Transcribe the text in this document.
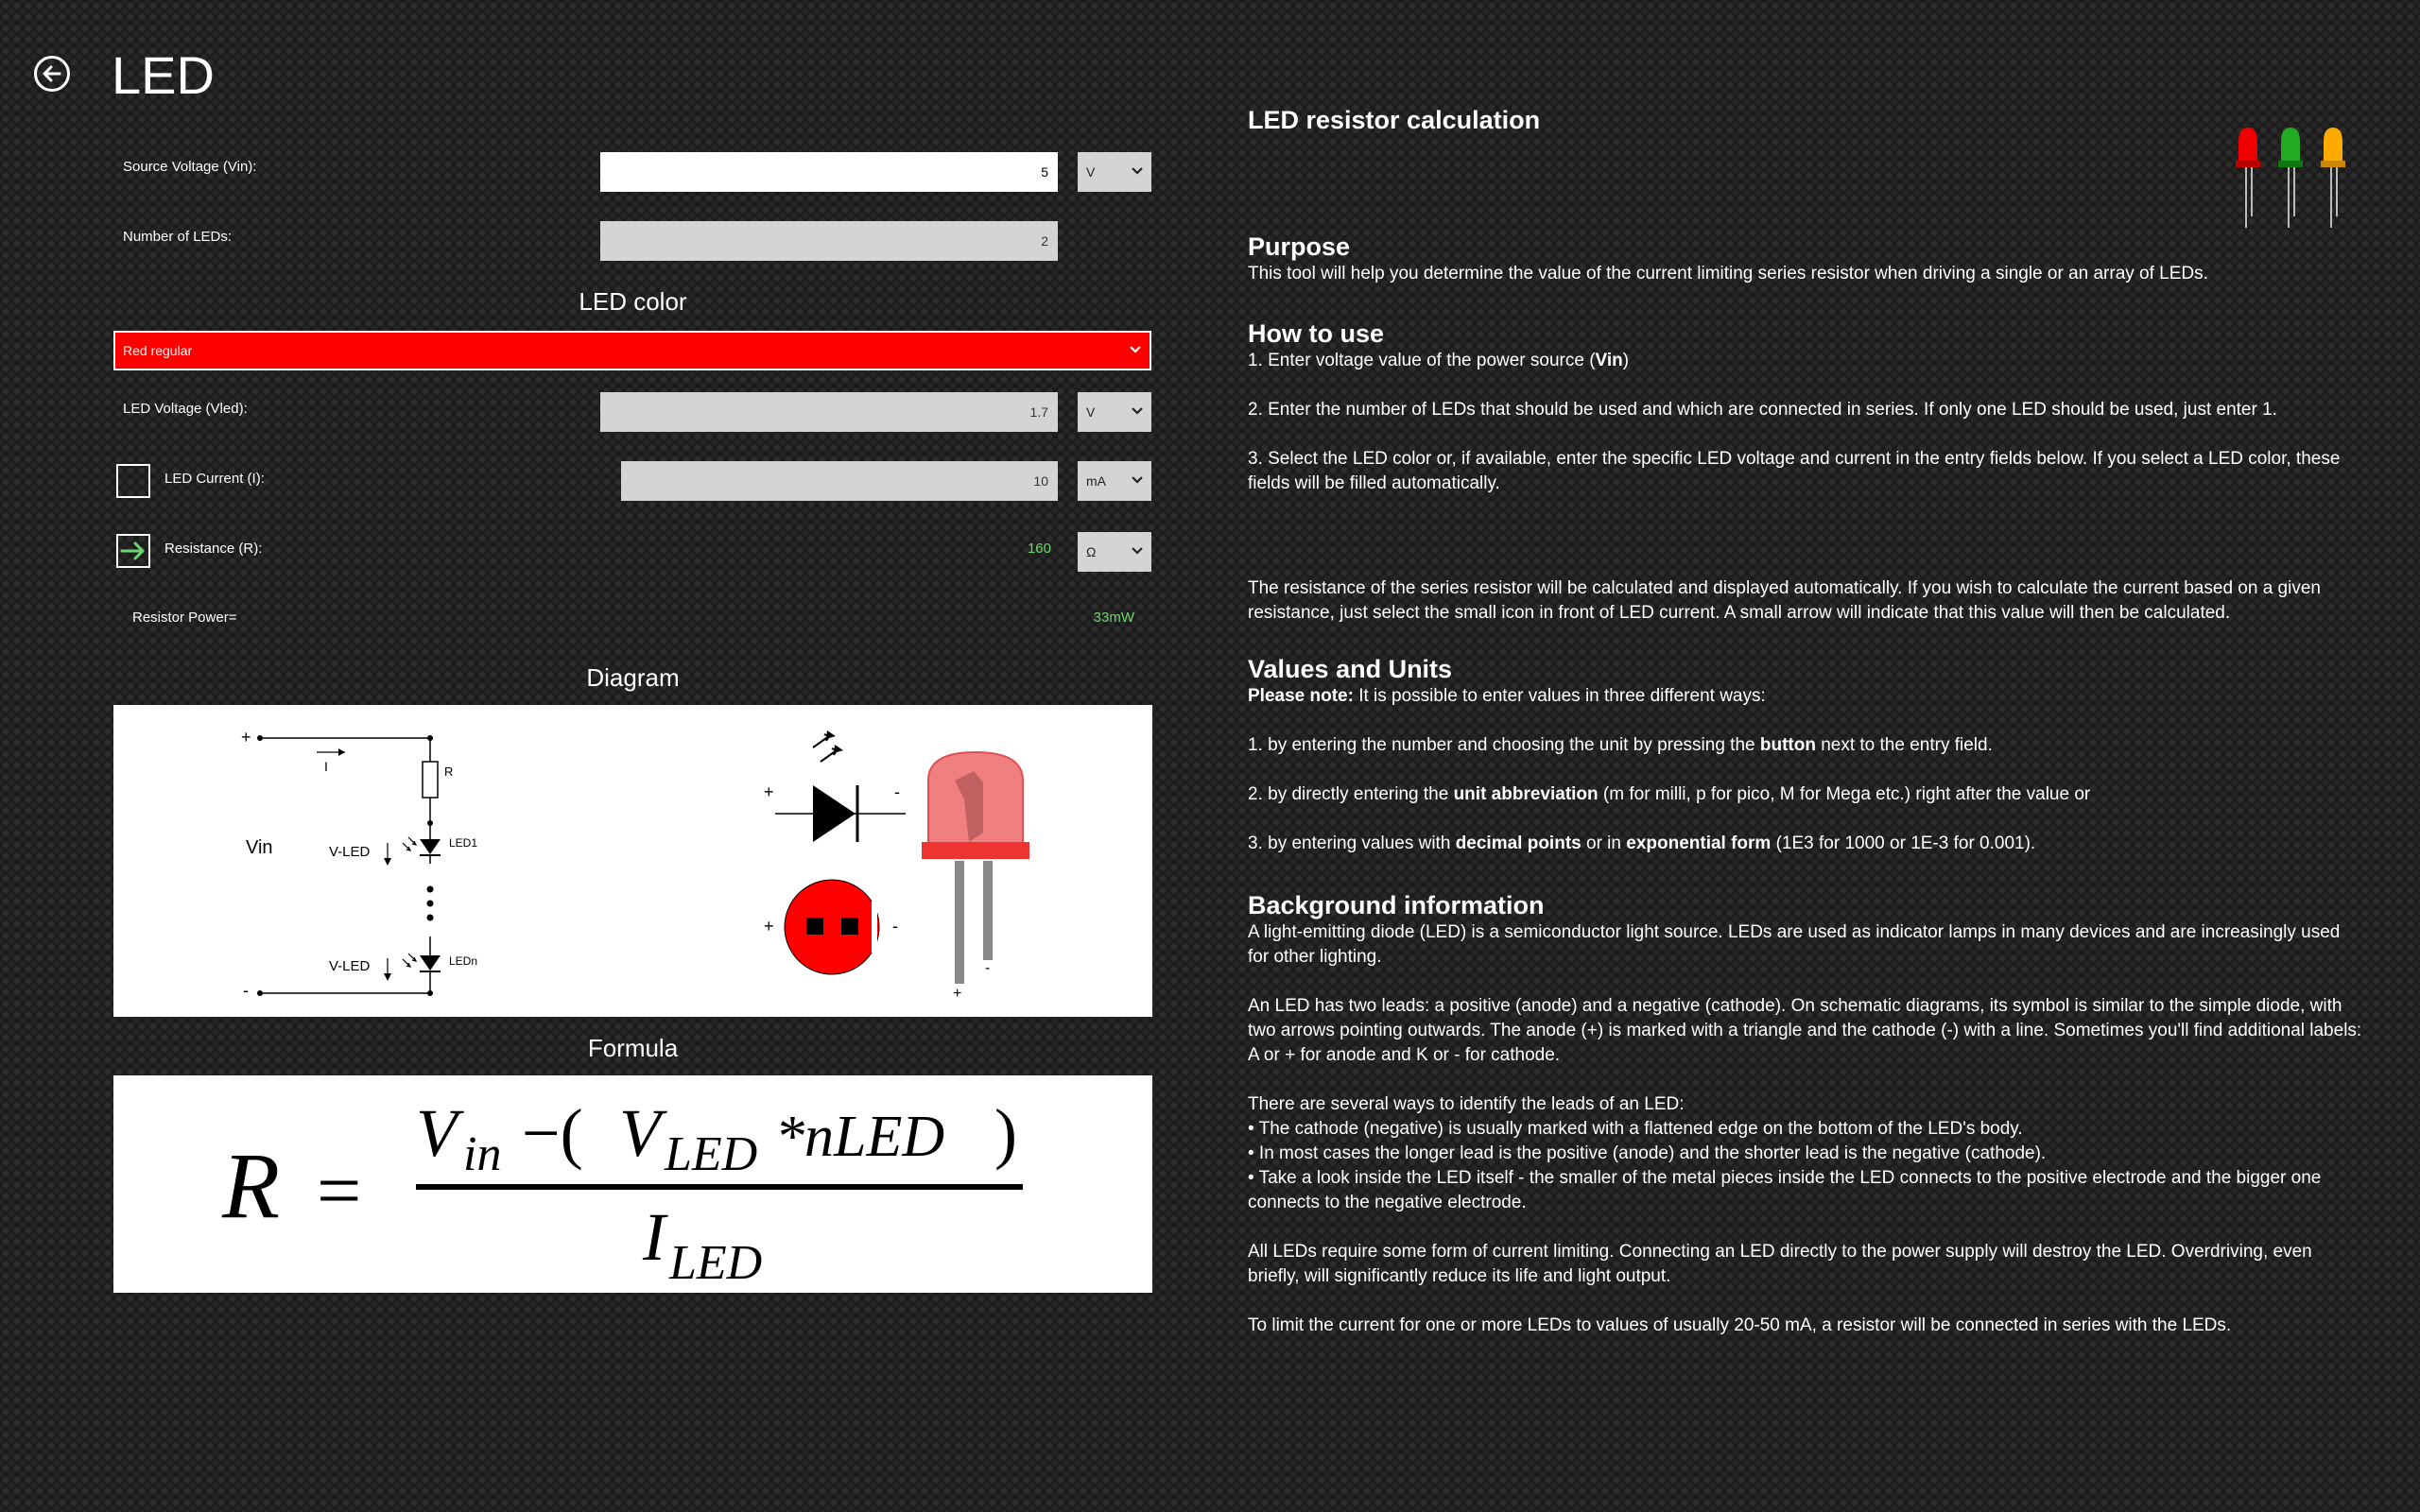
LED
Source Voltage (Vin):	5	V
Number of LEDs:	2
LED color
Red regular
LED Voltage (Vled):	1.7	V
LED Current (I):	10	mA
Resistance (R):	160	Ω
Resistor Power=	33mW
Diagram
+
I	R
LED1
V-LED
LEDn
V-LED
-
Vin
+	-
+	-
+
-
Formula
R =
V in −( V LED *nLED )
I LED
LED resistor calculation
Purpose

This tool will help you determine the value of the current limiting series resistor when driving a single or an array of LEDs.

How to use

1. Enter voltage value of the power source (Vin)

2. Enter the number of LEDs that should be used and which are connected in series. If only one LED should be used, just enter 1.

3. Select the LED color or, if available, enter the specific LED voltage and current in the entry fields below. If you select a LED color, these fields will be filled automatically.

The resistance of the series resistor will be calculated and displayed automatically. If you wish to calculate the current based on a given resistance, just select the small icon in front of LED current. A small arrow will indicate that this value will then be calculated.

Values and Units

Please note: It is possible to enter values in three different ways:

1. by entering the number and choosing the unit by pressing the button next to the entry field.

2. by directly entering the unit abbreviation (m for milli, p for pico, M for Mega etc.) right after the value or

3. by entering values with decimal points or in exponential form (1E3 for 1000 or 1E-3 for 0.001).

Background information

A light-emitting diode (LED) is a semiconductor light source. LEDs are used as indicator lamps in many devices and are increasingly used for other lighting.

An LED has two leads: a positive (anode) and a negative (cathode). On schematic diagrams, its symbol is similar to the simple diode, with two arrows pointing outwards. The anode (+) is marked with a triangle and the cathode (-) with a line. Sometimes you'll find additional labels: A or + for anode and K or - for cathode.

There are several ways to identify the leads of an LED:

• The cathode (negative) is usually marked with a flattened edge on the bottom of the LED's body.

• In most cases the longer lead is the positive (anode) and the shorter lead is the negative (cathode).

• Take a look inside the LED itself - the smaller of the metal pieces inside the LED connects to the positive electrode and the bigger one connects to the negative electrode.

All LEDs require some form of current limiting. Connecting an LED directly to the power supply will destroy the LED. Overdriving, even briefly, will significantly reduce its life and light output.

To limit the current for one or more LEDs to values of usually 20-50 mA, a resistor will be connected in series with the LEDs.
